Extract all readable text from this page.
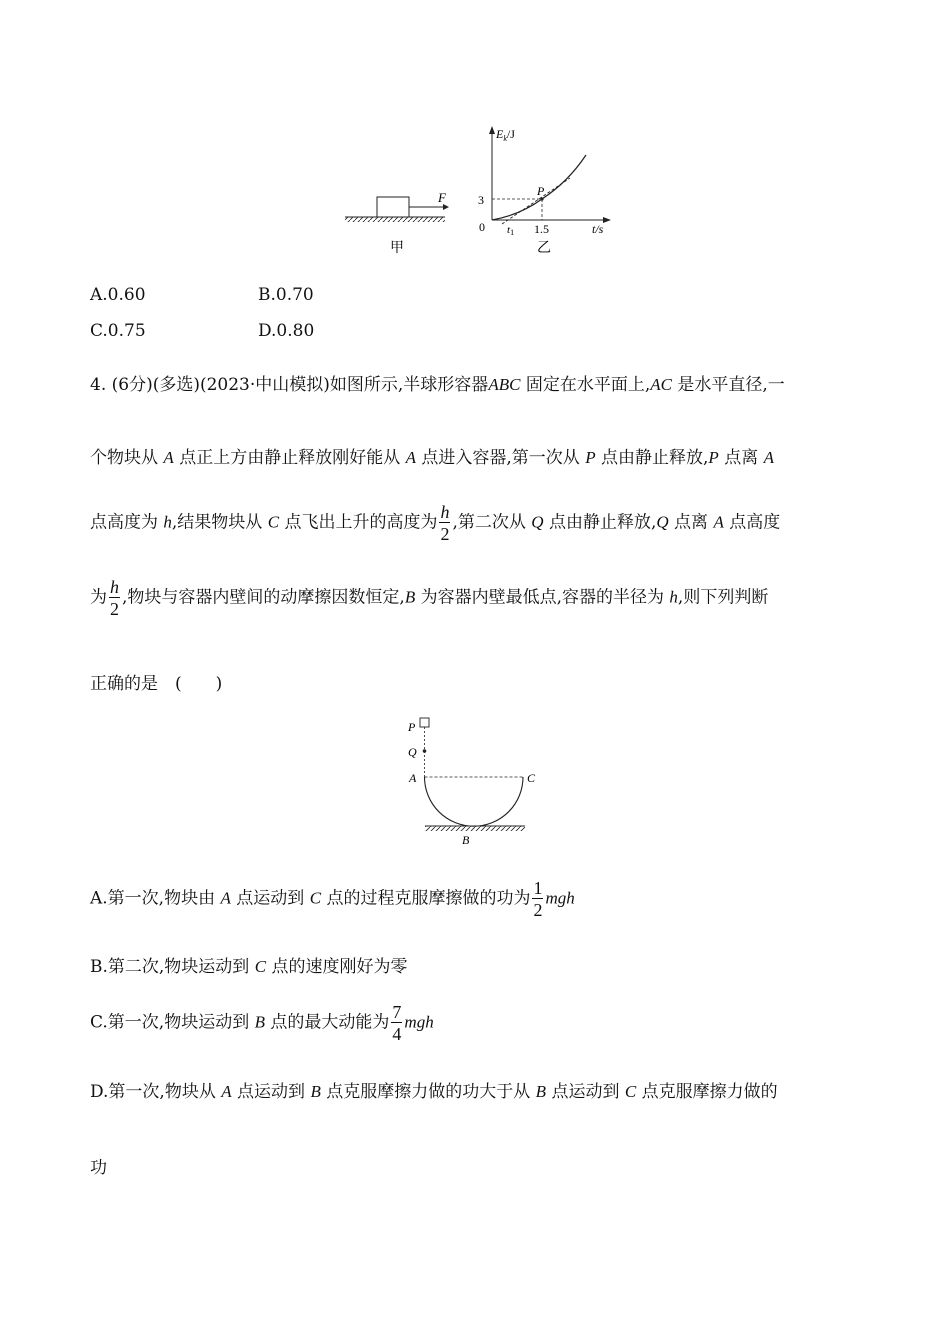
F
甲
$E_k/J$
P
3
0 t1 1.5	t/s
乙
A.0.60	B.0.70
C.0.75	D.0.80
4. (6分)(多选)(2023·中山模拟)如图所示,半球形容器ABC 固定在水平面上,AC 是水平直径,一
个物块从 A 点正上方由静止释放刚好能从 A 点进入容器,第一次从 P 点由静止释放,P 点离 A
点高度为 h,结果物块从 C 点飞出上升的高度为 $\frac{h}{2}$ ,第二次从 Q 点由静止释放,Q 点离 A 点高度
为 $\frac{h}{2}$ ,物块与容器内壁间的动摩擦因数恒定,B 为容器内壁最低点,容器的半径为 h,则下列判断
正确的是　(　　)
P
Q
A	C
B
A.第一次,物块由 A 点运动到 C 点的过程克服摩擦做的功为 $\frac{1}{2}$ mgh
B.第二次,物块运动到 C 点的速度刚好为零
C.第一次,物块运动到 B 点的最大动能为 $\frac{7}{4}$ mgh
D.第一次,物块从 A 点运动到 B 点克服摩擦力做的功大于从 B 点运动到 C 点克服摩擦力做的
功
